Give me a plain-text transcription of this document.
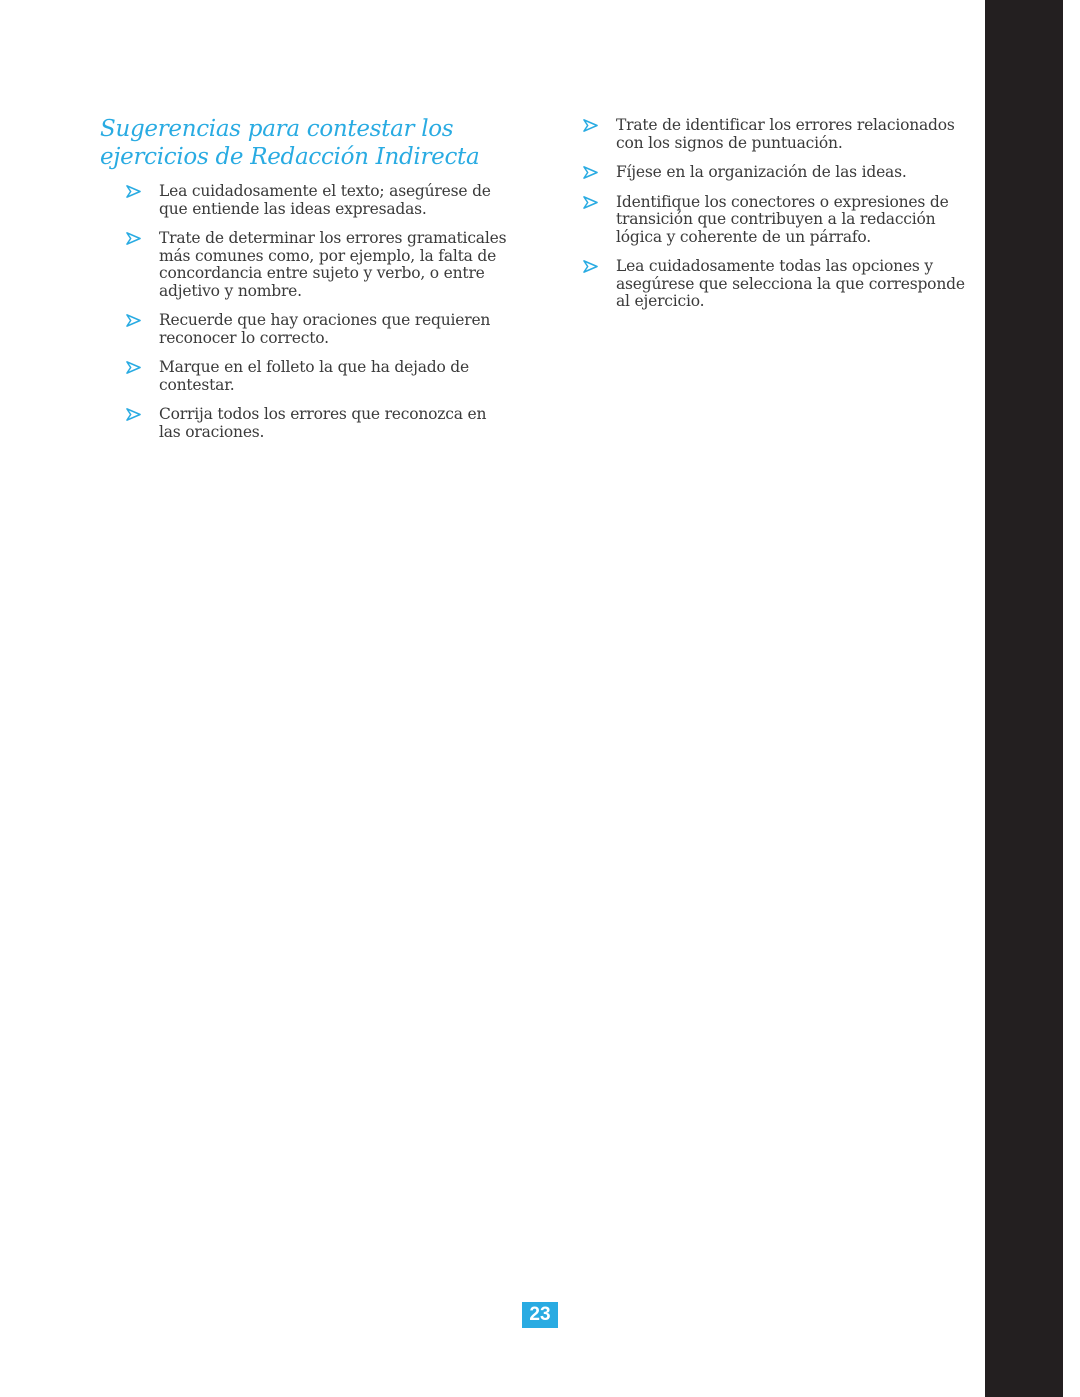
Sugerencias para contestar los
ejercicios de Redacción Indirecta
Lea cuidadosamente el texto; asegúrese de que entiende las ideas expresadas.
Trate de determinar los errores gramaticales más comunes como, por ejemplo, la falta de concordancia entre sujeto y verbo, o entre adjetivo y nombre.
Recuerde que hay oraciones que requieren reconocer lo correcto.
Marque en el folleto la que ha dejado de contestar.
Corrija todos los errores que reconozca en las oraciones.
Trate de identificar los errores relacionados con los signos de puntuación.
Fíjese en la organización de las ideas.
Identifique los conectores o expresiones de transición que contribuyen a la redacción lógica y coherente de un párrafo.
Lea cuidadosamente todas las opciones y asegúrese que selecciona la que corresponde al ejercicio.
23
